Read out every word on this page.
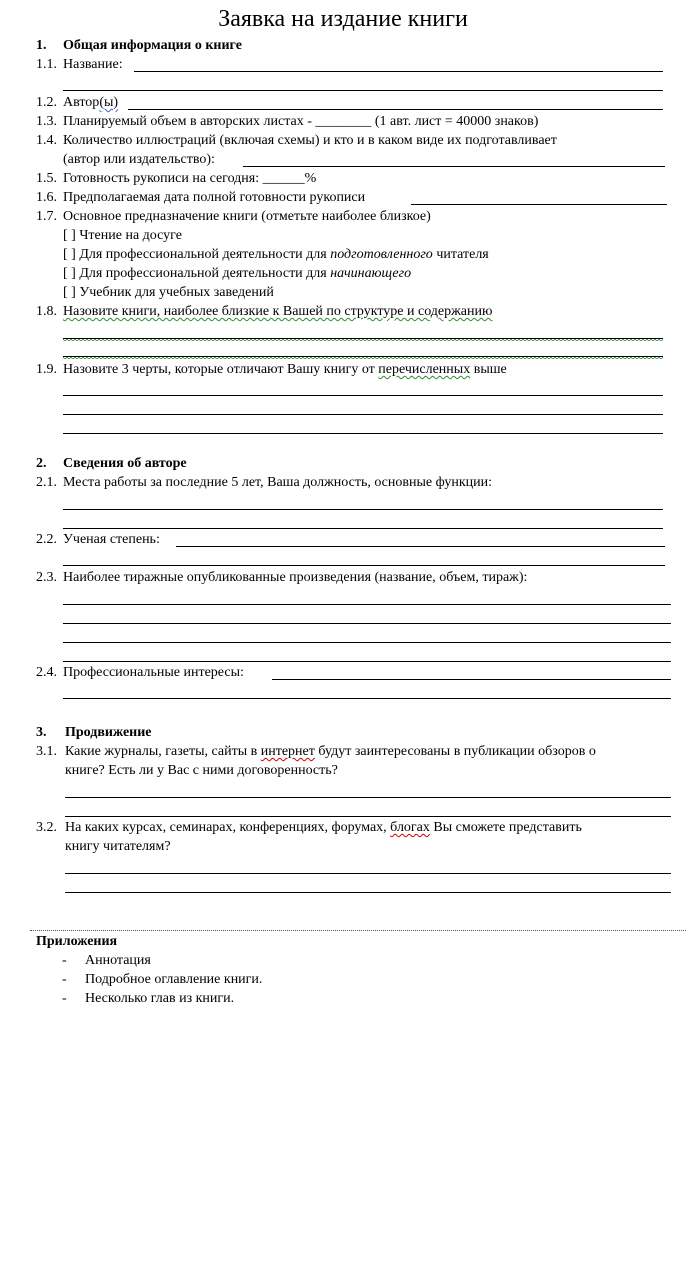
Заявка на издание книги
1. Общая информация о книге
1.1. Название:
1.2. Автор(ы)
1.3. Планируемый объем в авторских листах - ________ (1 авт. лист = 40000 знаков)
1.4. Количество иллюстраций (включая схемы) и кто и в каком виде их подготавливает
(автор или издательство):
1.5. Готовность рукописи на сегодня: ______%
1.6. Предполагаемая дата полной готовности рукописи
1.7. Основное предназначение книги (отметьте наиболее близкое)
[ ] Чтение на досуге
[ ] Для профессиональной деятельности для подготовленного читателя
[ ] Для профессиональной деятельности для начинающего
[ ] Учебник для учебных заведений
1.8. Назовите книги, наиболее близкие к Вашей по структуре и содержанию
1.9. Назовите 3 черты, которые отличают Вашу книгу от перечисленных выше
2. Сведения об авторе
2.1. Места работы за последние 5 лет, Ваша должность, основные функции:
2.2. Ученая степень:
2.3. Наиболее тиражные опубликованные произведения (название, объем, тираж):
2.4. Профессиональные интересы:
3. Продвижение
3.1. Какие журналы, газеты, сайты в интернет будут заинтересованы в публикации обзоров о
книге? Есть ли у Вас с ними договоренность?
3.2. На каких курсах, семинарах, конференциях, форумах, блогах Вы сможете представить
книгу читателям?
Приложения
- Аннотация
- Подробное оглавление книги.
- Несколько глав из книги.
